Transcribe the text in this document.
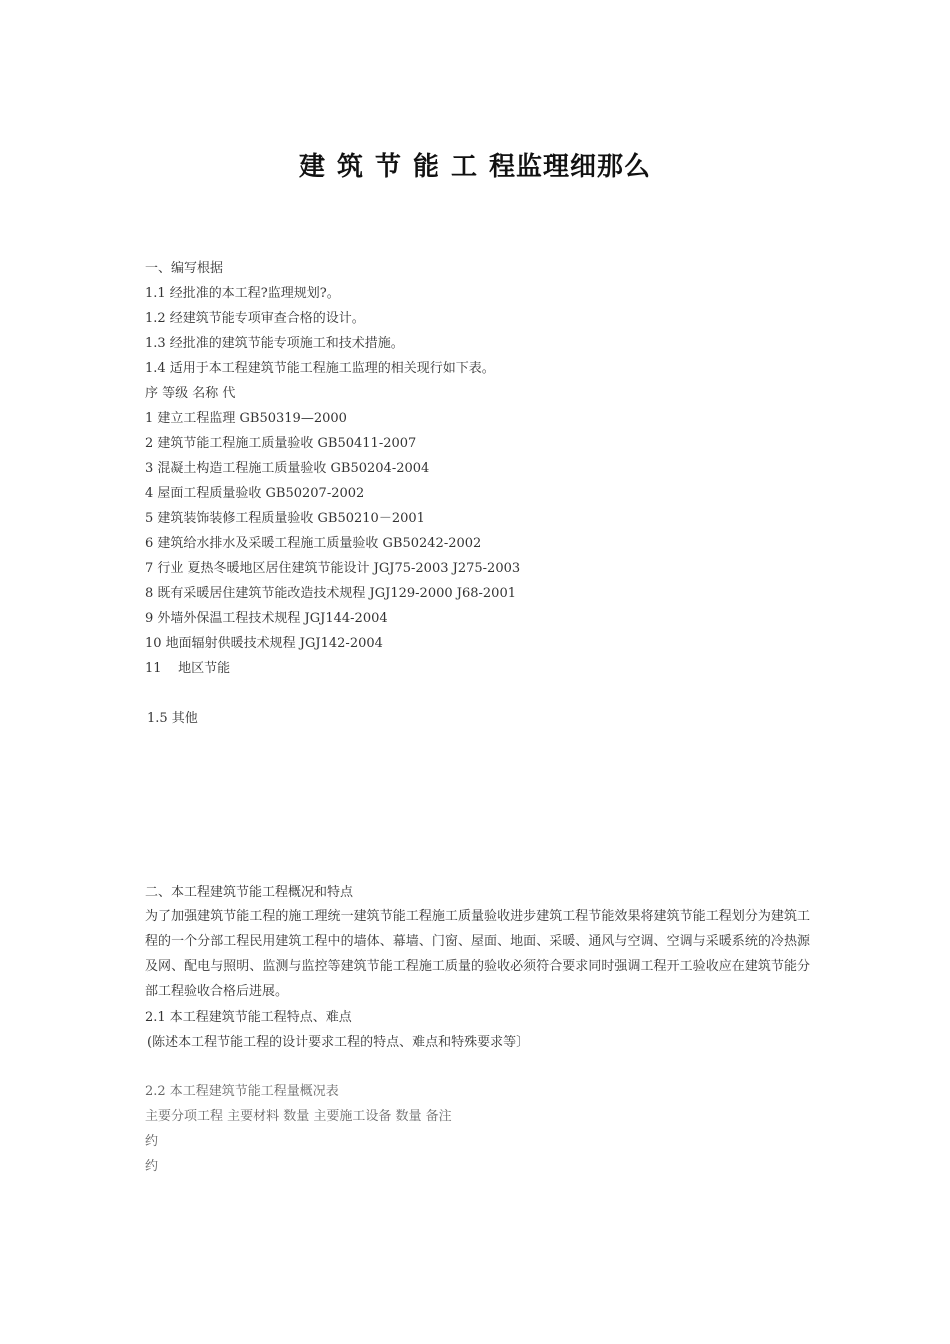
建筑节能工程监理细那么
一、编写根据
1.1 经批准的本工程?监理规划?。
1.2 经建筑节能专项审查合格的设计。
1.3 经批准的建筑节能专项施工和技术措施。
1.4 适用于本工程建筑节能工程施工监理的相关现行如下表。
序 等级 名称 代
1 建立工程监理 GB50319—2000
2 建筑节能工程施工质量验收 GB50411-2007
3 混凝土构造工程施工质量验收 GB50204-2004
4 屋面工程质量验收 GB50207-2002
5 建筑装饰装修工程质量验收 GB50210－2001
6 建筑给水排水及采暖工程施工质量验收 GB50242-2002
7 行业 夏热冬暖地区居住建筑节能设计 JGJ75-2003 J275-2003
8 既有采暖居住建筑节能改造技术规程 JGJ129-2000 J68-2001
9 外墙外保温工程技术规程 JGJ144-2004
10 地面辐射供暖技术规程 JGJ142-2004
11    地区节能
1.5 其他
二、本工程建筑节能工程概况和特点
为了加强建筑节能工程的施工理统一建筑节能工程施工质量验收进步建筑工程节能效果将建筑节能工程划分为建筑工程的一个分部工程民用建筑工程中的墙体、幕墙、门窗、屋面、地面、采暖、通风与空调、空调与采暖系统的冷热源及网、配电与照明、监测与监控等建筑节能工程施工质量的验收必须符合要求同时强调工程开工验收应在建筑节能分部工程验收合格后进展。
2.1 本工程建筑节能工程特点、难点
(陈述本工程节能工程的设计要求工程的特点、难点和特殊要求等〕
2.2 本工程建筑节能工程量概况表
主要分项工程 主要材料 数量 主要施工设备 数量 备注
约
约
